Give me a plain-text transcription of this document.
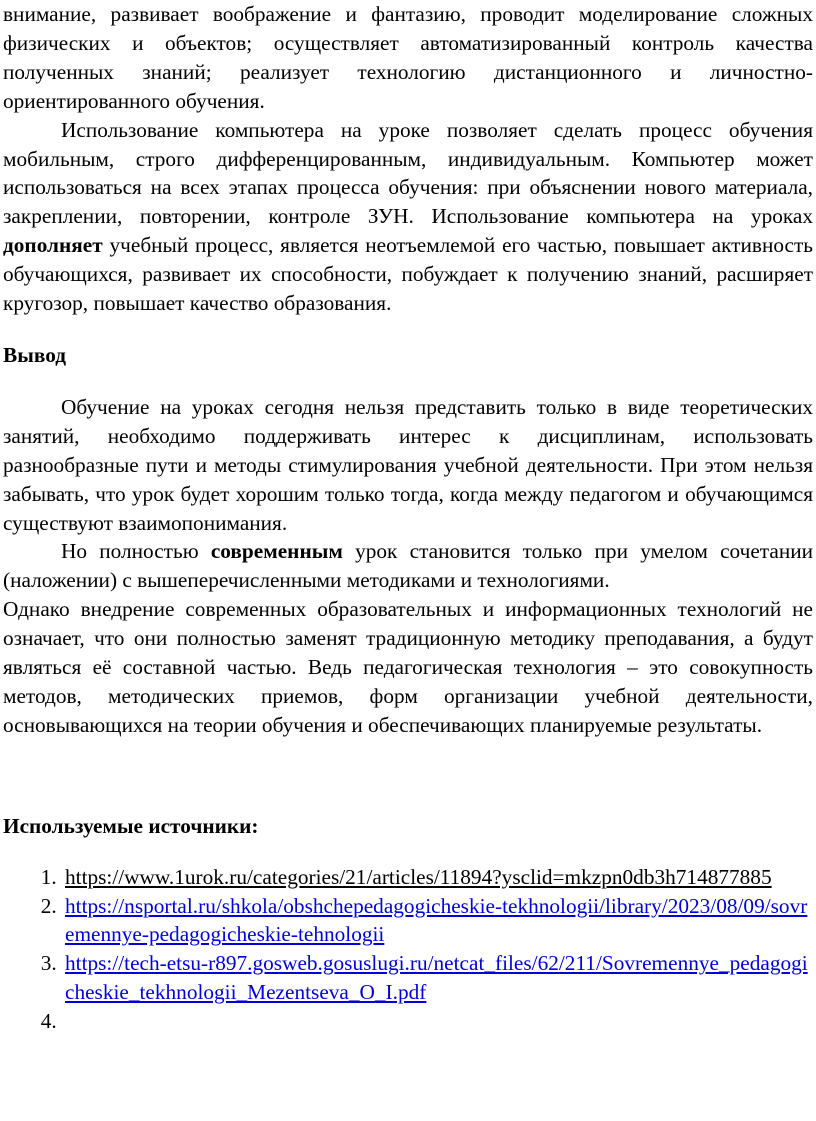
внимание, развивает воображение и фантазию, проводит моделирование сложных физических и объектов; осуществляет автоматизированный контроль качества полученных знаний; реализует технологию дистанционного и личностно-ориентированного обучения.

Использование компьютера на уроке позволяет сделать процесс обучения мобильным, строго дифференцированным, индивидуальным. Компьютер может использоваться на всех этапах процесса обучения: при объяснении нового материала, закреплении, повторении, контроле ЗУН. Использование компьютера на уроках дополняет учебный процесс, является неотъемлемой его частью, повышает активность обучающихся, развивает их способности, побуждает к получению знаний, расширяет кругозор, повышает качество образования.

Вывод

Обучение на уроках сегодня нельзя представить только в виде теоретических занятий, необходимо поддерживать интерес к дисциплинам, использовать разнообразные пути и методы стимулирования учебной деятельности. При этом нельзя забывать, что урок будет хорошим только тогда, когда между педагогом и обучающимся существуют взаимопонимания.

Но полностью современным урок становится только при умелом сочетании (наложении) с вышеперечисленными методиками и технологиями.

Однако внедрение современных образовательных и информационных технологий не означает, что они полностью заменят традиционную методику преподавания, а будут являться её составной частью. Ведь педагогическая технология – это совокупность методов, методических приемов, форм организации учебной деятельности, основывающихся на теории обучения и обеспечивающих планируемые результаты.

Используемые источники:
1. https://www.1urok.ru/categories/21/articles/11894?ysclid=mkzpn0db3h714877885
2. https://nsportal.ru/shkola/obshchepedagogicheskie-tekhnologii/library/2023/08/09/sovremennye-pedagogicheskie-tehnologii
3. https://tech-etsu-r897.gosweb.gosuslugi.ru/netcat_files/62/211/Sovremennye_pedagogicheskie_tekhnologii_Mezentseva_O_I.pdf
4.
